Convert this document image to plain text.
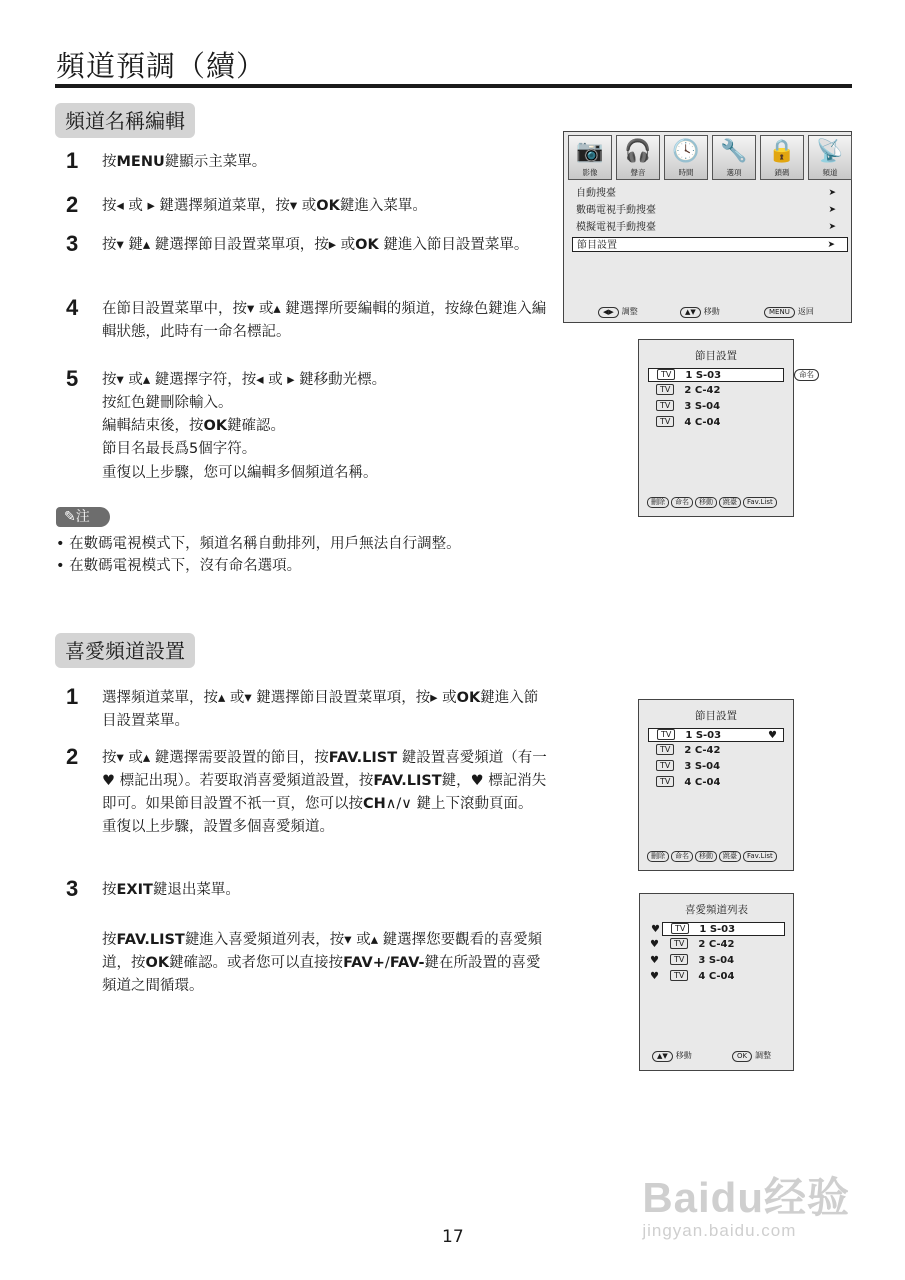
頻道預調（續）
頻道名稱編輯
1	按MENU鍵顯示主菜單。
2	按◂ 或 ▸ 鍵選擇頻道菜單，按▾ 或OK鍵進入菜單。
3	按▾ 鍵▴ 鍵選擇節目設置菜單項，按▸ 或OK 鍵進入節目設置菜單。
4	在節目設置菜單中，按▾ 或▴ 鍵選擇所要編輯的頻道，按綠色鍵進入編輯狀態，此時有一命名標記。
5	按▾ 或▴ 鍵選擇字符，按◂ 或 ▸ 鍵移動光標。
按紅色鍵刪除輸入。
編輯結束後，按OK鍵確認。
節目名最長爲5個字符。
重復以上步驟，您可以編輯多個頻道名稱。
✎注
• 在數碼電視模式下，頻道名稱自動排列，用戶無法自行調整。
• 在數碼電視模式下，沒有命名選項。
喜愛頻道設置
1	選擇頻道菜單，按▴ 或▾ 鍵選擇節目設置菜單項，按▸ 或OK鍵進入節目設置菜單。
2	按▾ 或▴ 鍵選擇需要設置的節目，按FAV.LIST 鍵設置喜愛頻道（有一 ♥ 標記出現）。若要取消喜愛頻道設置，按FAV.LIST鍵，♥ 標記消失即可。如果節目設置不祇一頁，您可以按CH∧/∨ 鍵上下滾動頁面。
重復以上步驟，設置多個喜愛頻道。
3	按EXIT鍵退出菜單。
按FAV.LIST鍵進入喜愛頻道列表，按▾ 或▴ 鍵選擇您要觀看的喜愛頻道，按OK鍵確認。或者您可以直接按FAV+/FAV-鍵在所設置的喜愛頻道之間循環。
📷
影像
🎧
聲音
🕓
時間
🔧
選項
🔒
鎖碼
📡
頻道
自動搜臺	➤
數碼電視手動搜臺	➤
模擬電視手動搜臺	➤
節目設置	➤
◀▶ 調整	▲▼ 移動	MENU 返回
節目設置
TV 1 S-03
TV 2 C-42
TV 3 S-04
TV 4 C-04
刪除 命名 移動 跳臺 Fav.List
命名
節目設置
TV 1 S-03	♥
TV 2 C-42
TV 3 S-04
TV 4 C-04
刪除 命名 移動 跳臺 Fav.List
喜愛頻道列表
♥ TV 1 S-03
♥ TV 2 C-42
♥ TV 3 S-04
♥ TV 4 C-04
▲▼ 移動	OK 調整
Baidu经验
jingyan.baidu.com
17
